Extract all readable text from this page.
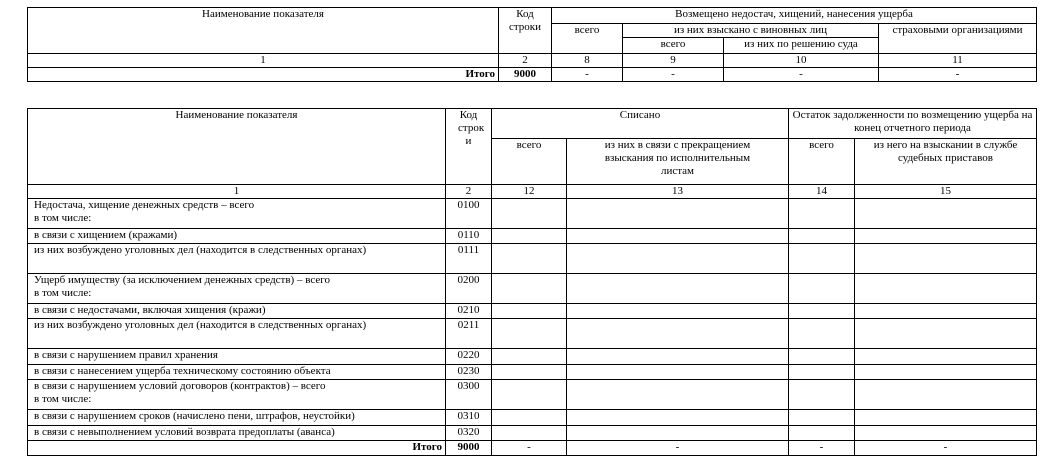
Наименование показателя	Код строки	Возмещено недостач, хищений, нанесения ущерба			
		всего	из них взыскано с виновных лиц		страховыми организациями
			всего	из них по решению суда	
1	2	8	9	10	11
Итого	9000	-	-	-	-
Наименование показателя	Код строк и	Списано		Остаток задолженности по возмещению ущерба на конец отчетного периода	
		всего	из них в связи с прекращением взыскания по исполнительным листам	всего	из него на взыскании в службе судебных приставов
1	2	12	13	14	15

Недостача, хищение денежных средств – всего
в том числе:	0100				
в связи с хищением (кражами)	0110				
из них возбуждено уголовных дел (находится в следственных органах)	0111				

Ущерб имуществу (за исключением денежных средств) – всего
в том числе:	0200				
в связи с недостачами, включая хищения (кражи)	0210				
из них возбуждено уголовных дел (находится в следственных органах)	0211				
в связи с нарушением правил хранения	0220				
в связи с нанесением ущерба техническому состоянию объекта	0230				

в связи с нарушением условий договоров (контрактов) – всего
в том числе:	0300				
в связи с нарушением сроков (начислено пени, штрафов, неустойки)	0310				
в связи с невыполнением условий возврата предоплаты (аванса)	0320				
Итого	9000	-	-	-	-
